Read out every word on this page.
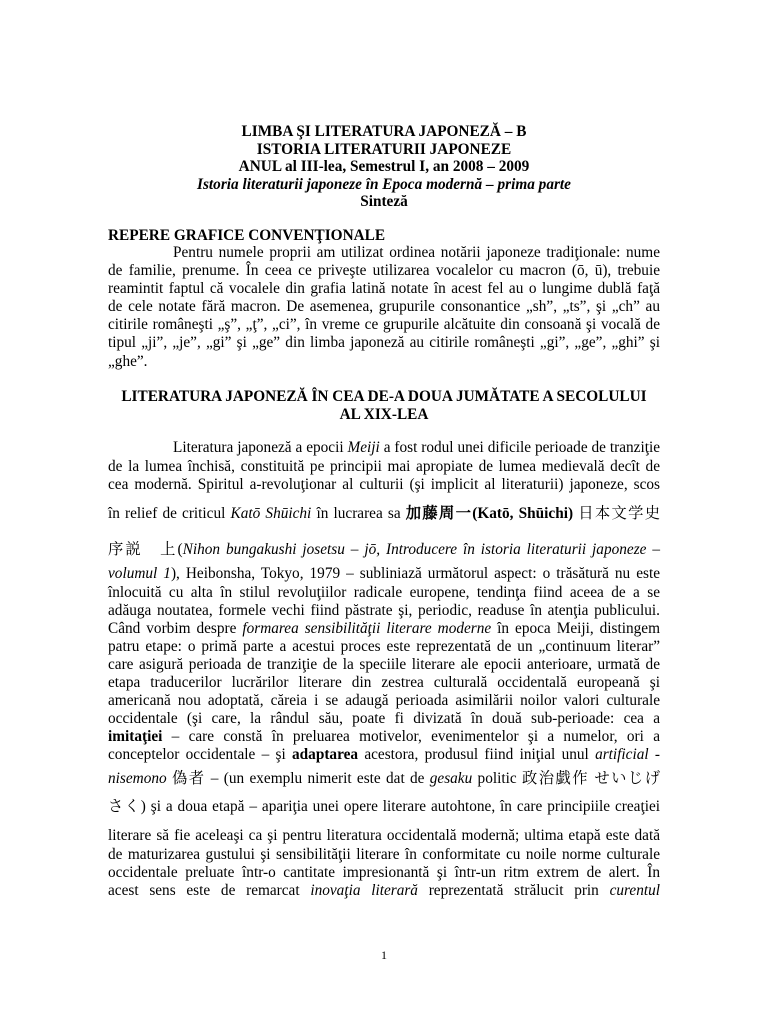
LIMBA ŞI LITERATURA JAPONEZĂ – B
ISTORIA LITERATURII JAPONEZE
ANUL al III-lea, Semestrul I, an 2008 – 2009
Istoria literaturii japoneze în Epoca modernă – prima parte
Sinteză
REPERE GRAFICE CONVENŢIONALE
Pentru numele proprii am utilizat ordinea notării japoneze tradiţionale: nume
de familie, prenume. În ceea ce priveşte utilizarea vocalelor cu macron (ō, ū), trebuie
reamintit faptul că vocalele din grafia latină notate în acest fel au o lungime dublă faţă
de cele notate fără macron. De asemenea, grupurile consonantice „sh”, „ts”, şi „ch” au
citirile româneşti „ş”, „ţ”, „ci”, în vreme ce grupurile alcătuite din consoană şi vocală de
tipul „ji”, „je”, „gi” şi „ge” din limba japoneză au citirile româneşti „gi”, „ge”, „ghi” şi
„ghe”.
LITERATURA JAPONEZĂ ÎN CEA DE-A DOUA JUMĂTATE A SECOLULUI
AL XIX-LEA
Literatura japoneză a epocii Meiji a fost rodul unei dificile perioade de tranziţie
de la lumea închisă, constituită pe principii mai apropiate de lumea medievală decît de
cea modernă. Spiritul a-revoluţionar al culturii (şi implicit al literaturii) japoneze, scos
în relief de criticul Katō Shūichi în lucrarea sa 加藤周一(Katō, Shūichi) 日本文学史
序説　上(Nihon bungakushi josetsu – jō, Introducere în istoria literaturii japoneze –
volumul 1), Heibonsha, Tokyo, 1979 – subliniază următorul aspect: o trăsătură nu este
înlocuită cu alta în stilul revoluţiilor radicale europene, tendinţa fiind aceea de a se
adăuga noutatea, formele vechi fiind păstrate şi, periodic, readuse în atenţia publicului.
Când vorbim despre formarea sensibilităţii literare moderne în epoca Meiji, distingem
patru etape: o primă parte a acestui proces este reprezentată de un „continuum literar”
care asigură perioada de tranziţie de la speciile literare ale epocii anterioare, urmată de
etapa traducerilor lucrărilor literare din zestrea culturală occidentală europeană şi
americană nou adoptată, căreia i se adaugă perioada asimilării noilor valori culturale
occidentale (şi care, la rândul său, poate fi divizată în două sub-perioade: cea a
imitaţiei – care constă în preluarea motivelor, evenimentelor şi a numelor, ori a
conceptelor occidentale – şi adaptarea acestora, produsul fiind iniţial unul artificial -
nisemono 偽者 – (un exemplu nimerit este dat de gesaku politic 政治戯作 せいじげ
さく) şi a doua etapă – apariţia unei opere literare autohtone, în care principiile creaţiei
literare să fie aceleaşi ca şi pentru literatura occidentală modernă; ultima etapă este dată
de maturizarea gustului şi sensibilităţii literare în conformitate cu noile norme culturale
occidentale preluate într-o cantitate impresionantă şi într-un ritm extrem de alert. În
acest sens este de remarcat inovaţia literară reprezentată strălucit prin curentul
1
